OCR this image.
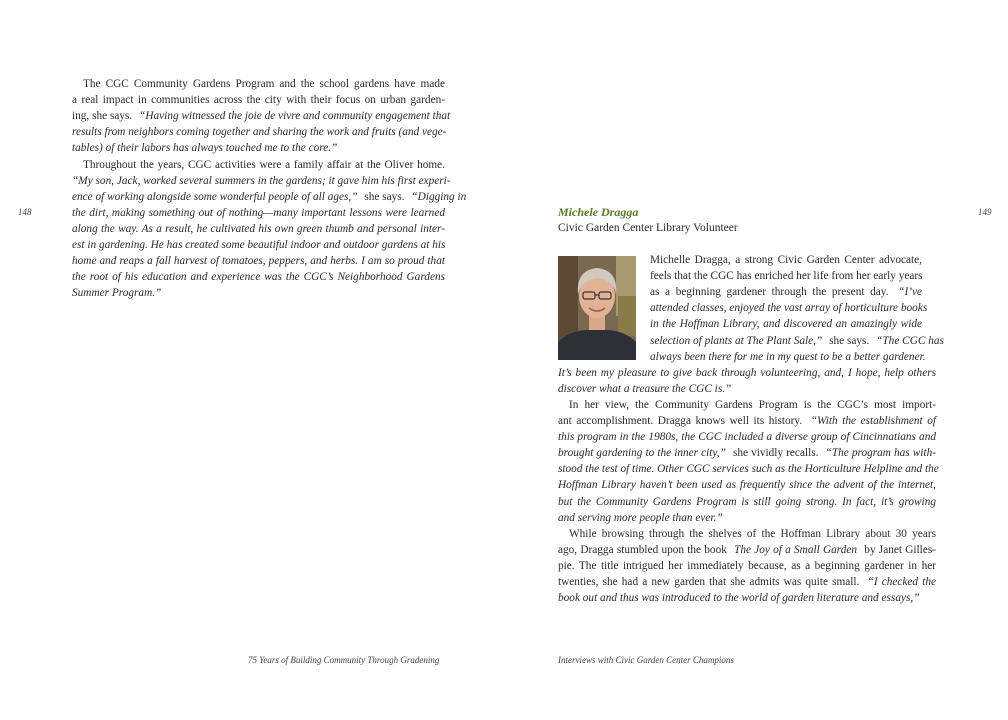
148
The CGC Community Gardens Program and the school gardens have made
a real impact in communities across the city with their focus on urban garden-
ing, she says. “Having witnessed the joie de vivre and community engagement that
results from neighbors coming together and sharing the work and fruits (and vege-
tables) of their labors has always touched me to the core.”
Throughout the years, CGC activities were a family affair at the Oliver home.
“My son, Jack, worked several summers in the gardens; it gave him his first experi-
ence of working alongside some wonderful people of all ages,” she says. “Digging in
the dirt, making something out of nothing—many important lessons were learned
along the way. As a result, he cultivated his own green thumb and personal inter-
est in gardening. He has created some beautiful indoor and outdoor gardens at his
home and reaps a fall harvest of tomatoes, peppers, and herbs. I am so proud that
the root of his education and experience was the CGC’s Neighborhood Gardens
Summer Program.”
75 Years of Building Community Through Gradening
149
Michele Dragga
Civic Garden Center Library Volunteer
Michelle Dragga, a strong Civic Garden Center advocate,
feels that the CGC has enriched her life from her early years
as a beginning gardener through the present day. “I’ve
attended classes, enjoyed the vast array of horticulture books
in the Hoffman Library, and discovered an amazingly wide
selection of plants at The Plant Sale,” she says. “The CGC has
always been there for me in my quest to be a better gardener.
It’s been my pleasure to give back through volunteering, and, I hope, help others
discover what a treasure the CGC is.”
In her view, the Community Gardens Program is the CGC’s most import-
ant accomplishment. Dragga knows well its history. “With the establishment of
this program in the 1980s, the CGC included a diverse group of Cincinnatians and
brought gardening to the inner city,” she vividly recalls. “The program has with-
stood the test of time. Other CGC services such as the Horticulture Helpline and the
Hoffman Library haven’t been used as frequently since the advent of the internet,
but the Community Gardens Program is still going strong. In fact, it’s growing
and serving more people than ever.”
While browsing through the shelves of the Hoffman Library about 30 years
ago, Dragga stumbled upon the book The Joy of a Small Garden by Janet Gilles-
pie. The title intrigued her immediately because, as a beginning gardener in her
twenties, she had a new garden that she admits was quite small. “I checked the
book out and thus was introduced to the world of garden literature and essays,”
Interviews with Civic Garden Center Champions
